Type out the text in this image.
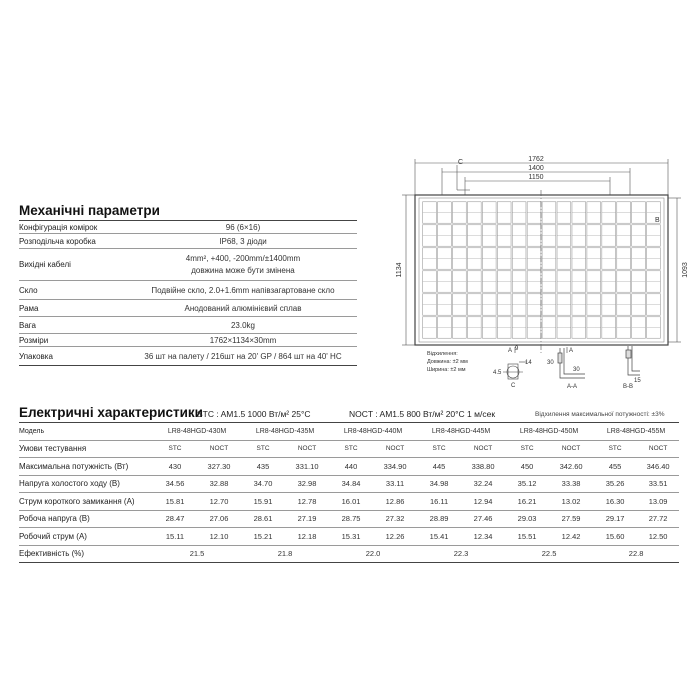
Механічні параметри
Конфігурація комірок	96 (6×16)
Розподільча коробка	IP68, 3 діоди
Вихідні кабелі	4mm², +400, -200mm/±1400mm
довжина може бути змінена

Скло	Подвійне скло, 2.0+1.6mm напівзагартоване скло
Рама	Анодований алюмінієвий сплав
Вага	23.0kg
Розміри	1762×1134×30mm
Упаковка	36 шт на палету / 216шт на 20' GP / 864 шт на 40' HC
C	1762
1400
1150
1134	1093
B
A	A
Відхилення:
Довжина: ±2 мм
Ширина: ±2 мм
9
14
4.5
C
30
30
A-A
15
B-B
Електричні характеристики
STC : AM1.5 1000 Вт/м² 25°C	NOCT : AM1.5 800 Вт/м² 20°C 1 м/сек	Відхилення максимальної потужності: ±3%
Модель	LR8-48HGD-430M		LR8-48HGD-435M		LR8-48HGD-440M		LR8-48HGD-445M		LR8-48HGD-450M		LR8-48HGD-455M	
Умови тестування	STC	NOCT	STC	NOCT	STC	NOCT	STC	NOCT	STC	NOCT	STC	NOCT
Максимальна потужність (Вт)	430	327.30	435	331.10	440	334.90	445	338.80	450	342.60	455	346.40
Напруга холостого ходу (В)	34.56	32.88	34.70	32.98	34.84	33.11	34.98	32.24	35.12	33.38	35.26	33.51
Струм короткого замикання (А)	15.81	12.70	15.91	12.78	16.01	12.86	16.11	12.94	16.21	13.02	16.30	13.09
Робоча напруга (В)	28.47	27.06	28.61	27.19	28.75	27.32	28.89	27.46	29.03	27.59	29.17	27.72
Робочий струм (А)	15.11	12.10	15.21	12.18	15.31	12.26	15.41	12.34	15.51	12.42	15.60	12.50
Ефективність (%)	21.5		21.8		22.0		22.3		22.5		22.8	
